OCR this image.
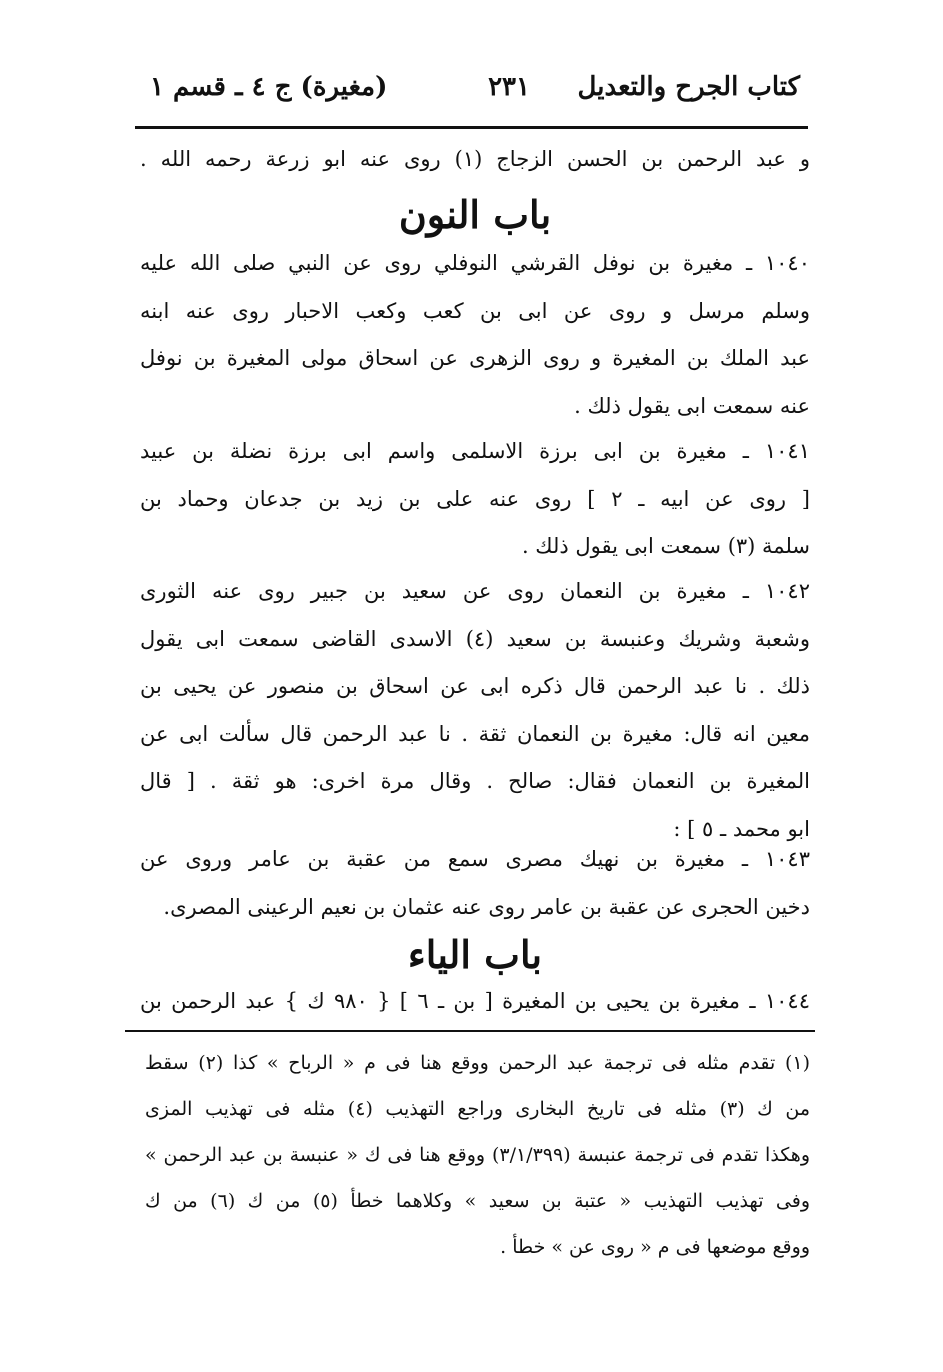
كتاب الجرح والتعديل
٢٣١
(مغيرة) ج ٤ ـ قسم ١
و عبد الرحمن بن الحسن الزجاج (١) روى عنه ابو زرعة رحمه الله .
باب النون
١٠٤٠ ـ مغيرة بن نوفل القرشي النوفلي روى عن النبي صلى الله عليه
وسلم مرسل و روى عن ابى بن كعب وكعب الاحبار روى عنه ابنه
عبد الملك بن المغيرة و روى الزهرى عن اسحاق مولى المغيرة بن نوفل
عنه سمعت ابى يقول ذلك .
١٠٤١ ـ مغيرة بن ابى برزة الاسلمى واسم ابى برزة نضلة بن عبيد
[ روى عن ابيه ـ ٢ ] روى عنه على بن زيد بن جدعان وحماد بن
سلمة (٣) سمعت ابى يقول ذلك .
١٠٤٢ ـ مغيرة بن النعمان روى عن سعيد بن جبير روى عنه الثورى
وشعبة وشريك وعنبسة بن سعيد (٤) الاسدى القاضى سمعت ابى يقول
ذلك . نا عبد الرحمن قال ذكره ابى عن اسحاق بن منصور عن يحيى بن
معين انه قال: مغيرة بن النعمان ثقة . نا عبد الرحمن قال سألت ابى عن
المغيرة بن النعمان فقال: صالح . وقال مرة اخرى: هو ثقة . [ قال
ابو محمد ـ ٥ ] :
١٠٤٣ ـ مغيرة بن نهيك مصرى سمع من عقبة بن عامر وروى عن
دخين الحجرى عن عقبة بن عامر روى عنه عثمان بن نعيم الرعينى المصرى.
باب الياء
١٠٤٤ ـ مغيرة بن يحيى بن المغيرة [ بن ـ ٦ ] { ٩٨٠ ك } عبد الرحمن بن
(١) تقدم مثله فى ترجمة عبد الرحمن ووقع هنا فى م « الرباح » كذا (٢) سقط
من ك (٣) مثله فى تاريخ البخارى وراجع التهذيب (٤) مثله فى تهذيب المزى
وهكذا تقدم فى ترجمة عنبسة (٣/١/٣٩٩) ووقع هنا فى ك « عنبسة بن عبد الرحمن »
وفى تهذيب التهذيب « عتبة بن سعيد » وكلاهما خطأ (٥) من ك (٦) من ك
ووقع موضعها فى م « روى عن » خطأ .
